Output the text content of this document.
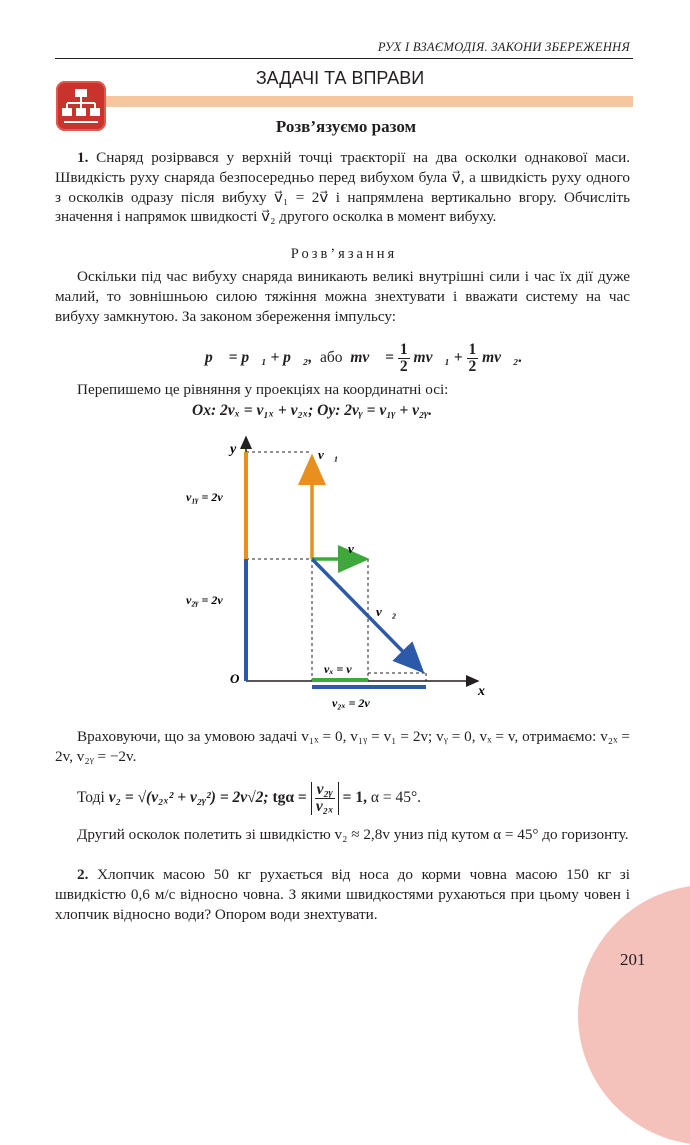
РУХ І ВЗАЄМОДІЯ. ЗАКОНИ ЗБЕРЕЖЕННЯ
ЗАДАЧІ ТА ВПРАВИ
Розв’язуємо разом
1. Снаряд розірвався у верхній точці траєкторії на два осколки однакової маси. Швидкість руху снаряда безпосередньо перед вибухом була v⃗, а швидкість руху одного з осколків одразу після вибуху v⃗₁ = 2v⃗ і напрямлена вертикально вгору. Обчисліть значення і напрямок швидкості v⃗₂ другого осколка в момент вибуху.
Розв’язання
Оскільки під час вибуху снаряда виникають великі внутрішні сили і час їх дії дуже малий, то зовнішньою силою тяжіння можна знехтувати і вважати систему на час вибуху замкнутою. За законом збереження імпульсу:
p⃗ = p⃗₁ + p⃗₂, або mv⃗ = $\frac{1}{2}$ mv⃗₁ + $\frac{1}{2}$ mv⃗₂.
Перепишемо це рівняння у проекціях на координатні осі:
Ox: 2vₓ = v₁ₓ + v₂ₓ; Oy: 2vᵧ = v₁ᵧ + v₂ᵧ.
y
x
O
v⃗₁
v⃗
v⃗₂
v₁ᵧ = 2v
v₂ᵧ = 2v
vₓ = v
v₂ₓ = 2v
Враховуючи, що за умовою задачі v₁ₓ = 0, v₁ᵧ = v₁ = 2v; vᵧ = 0, vₓ = v, отримаємо: v₂ₓ = 2v, v₂ᵧ = −2v.
Тоді v₂ = √(v₂ₓ² + v₂ᵧ²) = 2v√2; $tg\alpha = \frac{\text{v₂ᵧ}}{\text{v₂ₓ}} = 1$, α = 45°.
Другий осколок полетить зі швидкістю v₂ ≈ 2,8v униз під кутом α = 45° до горизонту.
2. Хлопчик масою 50 кг рухається від носа до корми човна масою 150 кг зі швидкістю 0,6 м/с відносно човна. З якими швидкостями рухаються при цьому човен і хлопчик відносно води? Опором води знехтувати.
201
